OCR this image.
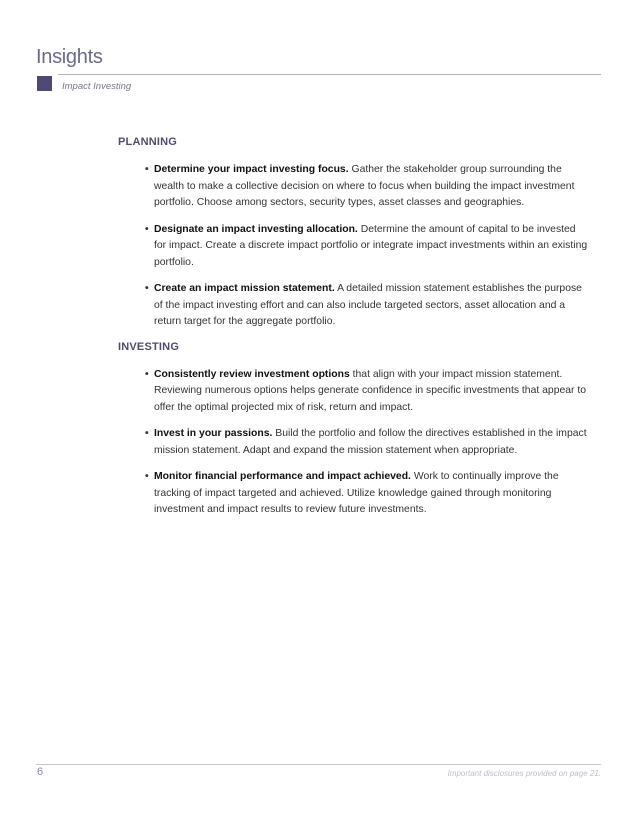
Insights
Impact Investing
PLANNING
• Determine your impact investing focus. Gather the stakeholder group surrounding the wealth to make a collective decision on where to focus when building the impact investment portfolio. Choose among sectors, security types, asset classes and geographies.
• Designate an impact investing allocation. Determine the amount of capital to be invested for impact. Create a discrete impact portfolio or integrate impact investments within an existing portfolio.
• Create an impact mission statement. A detailed mission statement establishes the purpose of the impact investing effort and can also include targeted sectors, asset allocation and a return target for the aggregate portfolio.
INVESTING
• Consistently review investment options that align with your impact mission statement. Reviewing numerous options helps generate confidence in specific investments that appear to offer the optimal projected mix of risk, return and impact.
• Invest in your passions. Build the portfolio and follow the directives established in the impact mission statement. Adapt and expand the mission statement when appropriate.
• Monitor financial performance and impact achieved. Work to continually improve the tracking of impact targeted and achieved. Utilize knowledge gained through monitoring investment and impact results to review future investments.
6	Important disclosures provided on page 21.
